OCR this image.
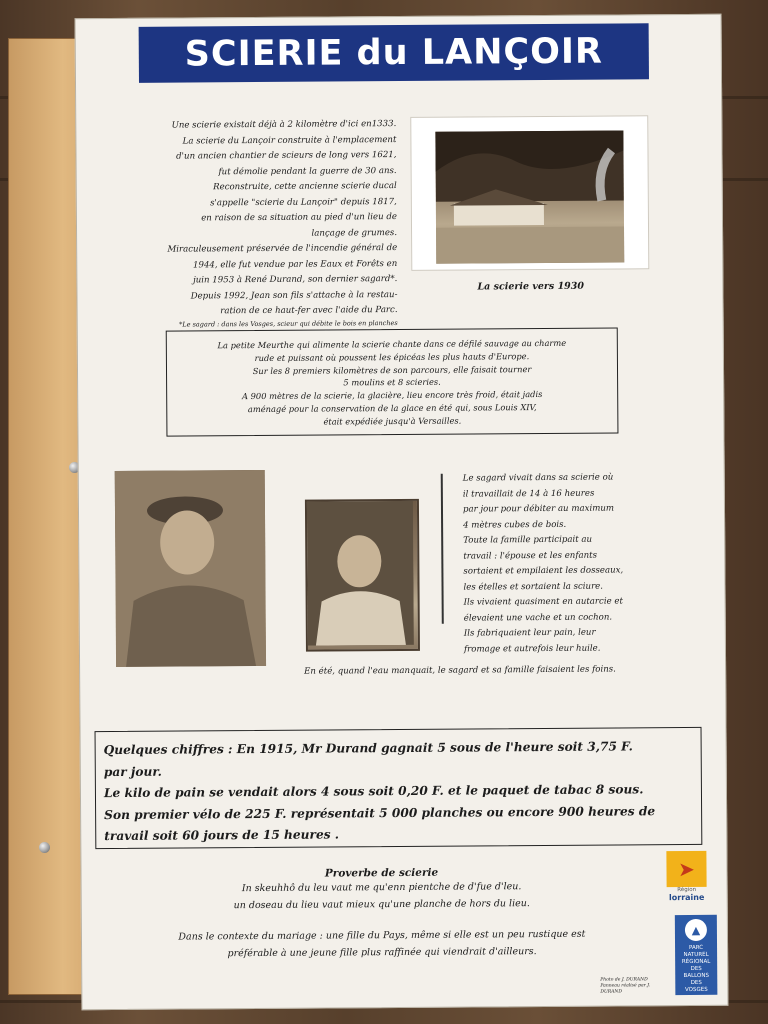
SCIERIE du LANÇOIR
Une scierie existait déjà à 2 kilomètre d'ici en1333.
La scierie du Lançoir construite à l'emplacement
d'un ancien chantier de scieurs de long vers 1621,
fut démolie pendant la guerre de 30 ans.
Reconstruite, cette ancienne scierie ducal
s'appelle "scierie du Lançoir" depuis 1817,
en raison de sa situation au pied d'un lieu de
lançage de grumes.
Miraculeusement préservée de l'incendie général de
1944, elle fut vendue par les Eaux et Forêts en
juin 1953 à René Durand, son dernier sagard*.
Depuis 1992, Jean son fils s'attache à la restau-
ration de ce haut-fer avec l'aide du Parc.
*Le sagard : dans les Vosges, scieur qui débite le bois en planches
La scierie vers 1930

La petite Meurthe qui alimente la scierie chante dans ce défilé sauvage au charme
rude et puissant où poussent les épicéas les plus hauts d'Europe.
Sur les 8 premiers kilomètres de son parcours, elle faisait tourner
5 moulins et 8 scieries.
A 900 mètres de la scierie, la glacière, lieu encore très froid, était jadis
aménagé pour la conservation de la glace en été qui, sous Louis XIV,
était expédiée jusqu'à Versailles.

Le sagard vivait dans sa scierie où
il travaillait de 14 à 16 heures
par jour pour débiter au maximum
4 mètres cubes de bois.
Toute la famille participait au
travail : l'épouse et les enfants
sortaient et empilaient les dosseaux,
les ételles et sortaient la sciure.
Ils vivaient quasiment en autarcie et
élevaient une vache et un cochon.
Ils fabriquaient leur pain, leur
fromage et autrefois leur huile.
En été, quand l'eau manquait, le sagard et sa famille faisaient les foins.

Quelques chiffres : En 1915, Mr Durand gagnait 5 sous de l'heure soit 3,75 F.
par jour.
Le kilo de pain se vendait alors 4 sous soit 0,20 F. et le paquet de tabac 8 sous.
Son premier vélo de 225 F. représentait 5 000 planches ou encore 900 heures de
travail soit 60 jours de 15 heures .

Proverbe de scierie
In skeuhhô du leu vaut me qu'enn pientche de d'fue d'leu.
un doseau du lieu vaut mieux qu'une planche de hors du lieu.
Dans le contexte du mariage : une fille du Pays, même si elle est un peu rustique est
préférable à une jeune fille plus raffinée qui viendrait d'ailleurs.
➤
Région
lorraine
▲
PARC
NATUREL
RÉGIONAL
DES
BALLONS
DES
VOSGES
Photo de J. DURAND
Panneau réalisé par J. DURAND
